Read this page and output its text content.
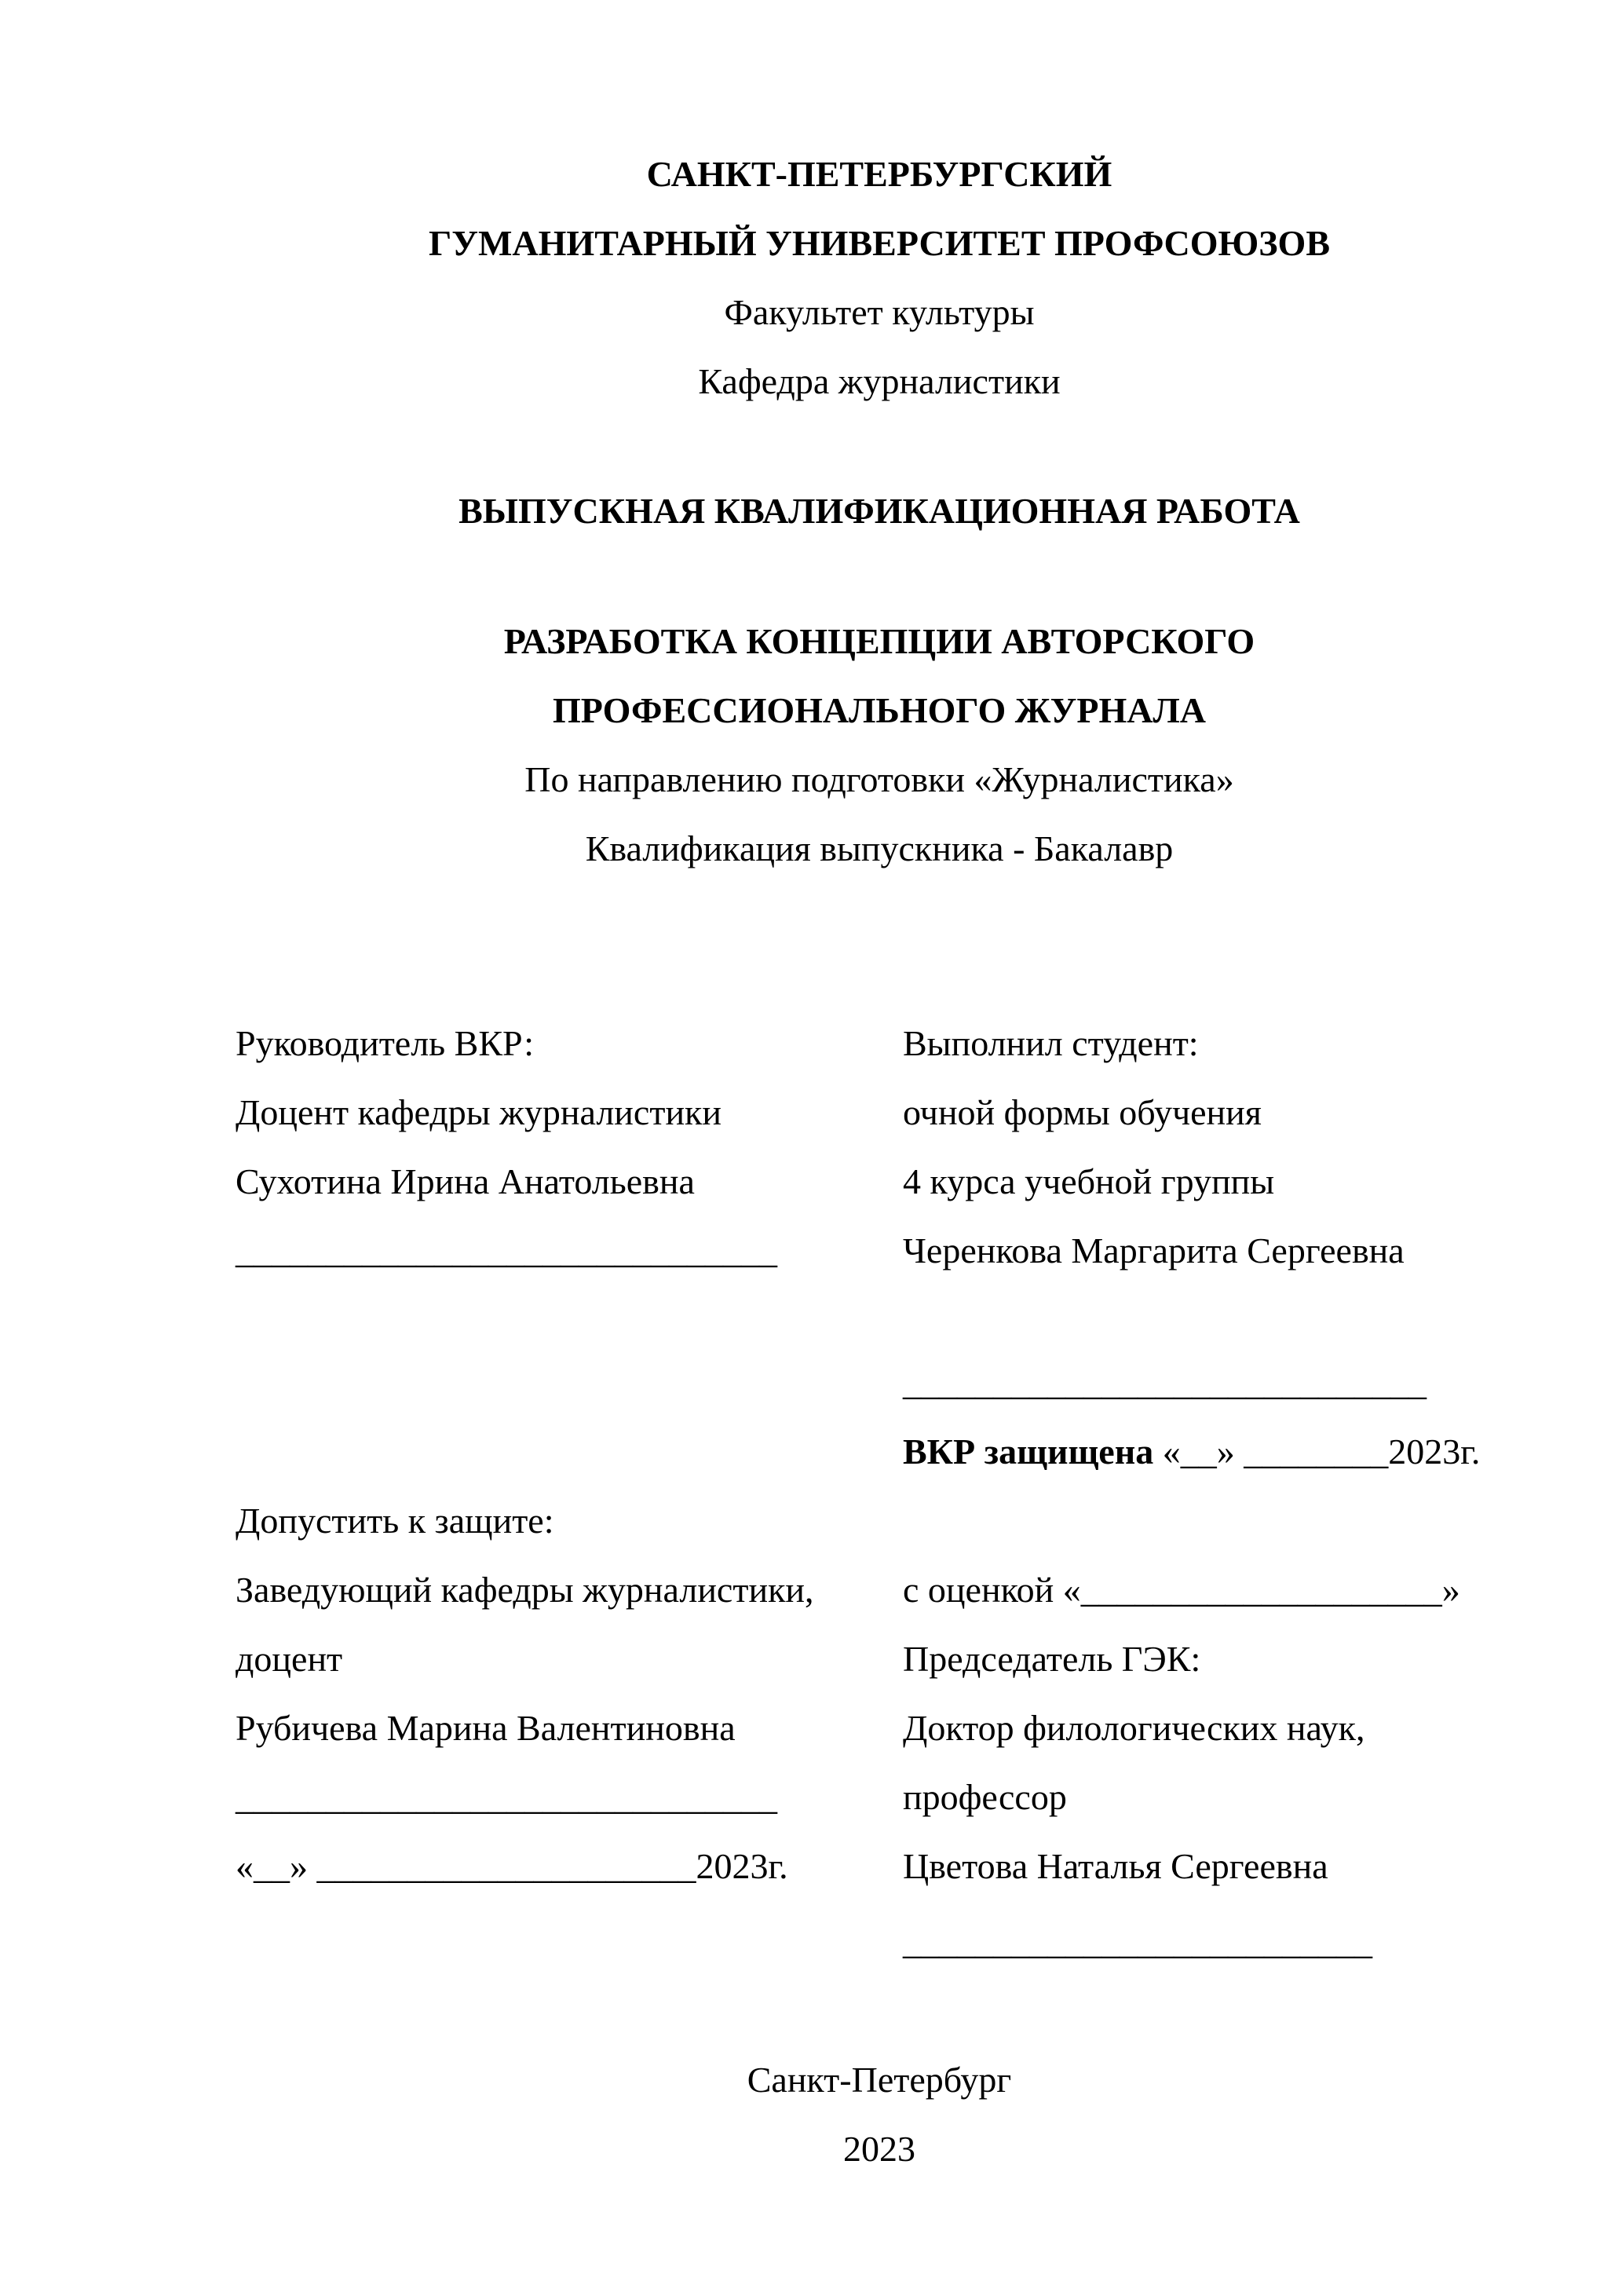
САНКТ-ПЕТЕРБУРГСКИЙ
ГУМАНИТАРНЫЙ УНИВЕРСИТЕТ ПРОФСОЮЗОВ
Факультет культуры
Кафедра журналистики
ВЫПУСКНАЯ КВАЛИФИКАЦИОННАЯ РАБОТА
РАЗРАБОТКА КОНЦЕПЦИИ АВТОРСКОГО
ПРОФЕССИОНАЛЬНОГО ЖУРНАЛА
По направлению подготовки «Журналистика»
Квалификация выпускника - Бакалавр
Руководитель ВКР:	Выполнил студент:
Доцент кафедры журналистики	очной формы обучения
Сухотина Ирина Анатольевна	4 курса учебной группы
______________________________	Черенкова Маргарита Сергеевна
_____________________________
ВКР защищена «__» ________2023г.
Допустить к защите:
Заведующий кафедры журналистики,	с оценкой «____________________»
доцент	Председатель ГЭК:
Рубичева Марина Валентиновна	Доктор филологических наук,
______________________________	профессор
«__» _____________________2023г.	Цветова Наталья Сергеевна
__________________________
Санкт-Петербург
2023
